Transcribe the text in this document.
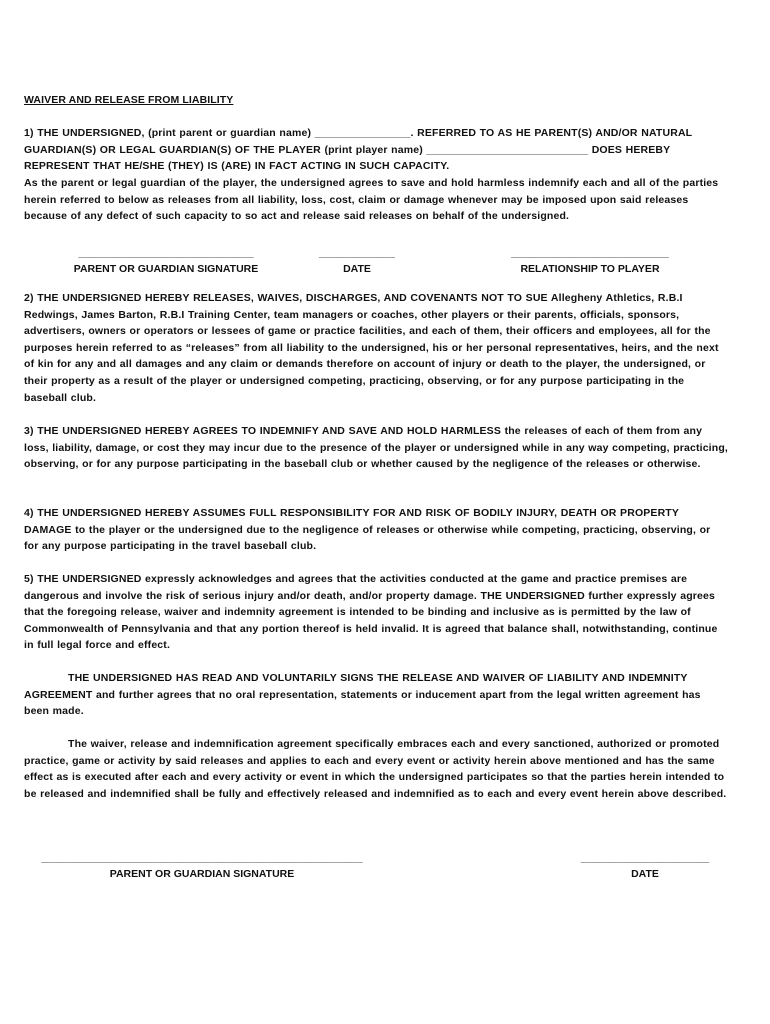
WAIVER AND RELEASE FROM LIABILITY
1) THE UNDERSIGNED, (print parent or guardian name) ________________. REFERRED TO AS HE PARENT(S) AND/OR NATURAL GUARDIAN(S) OR LEGAL GUARDIAN(S) OF THE PLAYER (print player name) ___________________________ DOES HEREBY REPRESENT THAT HE/SHE (THEY) IS (ARE) IN FACT ACTING IN SUCH CAPACITY.
As the parent or legal guardian of the player, the undersigned agrees to save and hold harmless indemnify each and all of the parties herein referred to below as releases from all liability, loss, cost, claim or damage whenever may be imposed upon said releases because of any defect of such capacity to so act and release said releases on behalf of the undersigned.
______________________________
PARENT OR GUARDIAN SIGNATURE
_____________
DATE
___________________________
RELATIONSHIP TO PLAYER
2) THE UNDERSIGNED HEREBY RELEASES, WAIVES, DISCHARGES, AND COVENANTS NOT TO SUE Allegheny Athletics, R.B.I Redwings, James Barton, R.B.I Training Center, team managers or coaches, other players or their parents, officials, sponsors, advertisers, owners or operators or lessees of game or practice facilities, and each of them, their officers and employees, all for the purposes herein referred to as “releases” from all liability to the undersigned, his or her personal representatives, heirs, and the next of kin for any and all damages and any claim or demands therefore on account of injury or death to the player, the undersigned, or their property as a result of the player or undersigned competing, practicing, observing, or for any purpose participating in the baseball club.
3) THE UNDERSIGNED HEREBY AGREES TO INDEMNIFY AND SAVE AND HOLD HARMLESS the releases of each of them from any loss, liability, damage, or cost they may incur due to the presence of the player or undersigned while in any way competing, practicing, observing, or for any purpose participating in the baseball club or whether caused by the negligence of the releases or otherwise.
4) THE UNDERSIGNED HEREBY ASSUMES FULL RESPONSIBILITY FOR AND RISK OF BODILY INJURY, DEATH OR PROPERTY DAMAGE to the player or the undersigned due to the negligence of releases or otherwise while competing, practicing, observing, or for any purpose participating in the travel baseball club.
5) THE UNDERSIGNED expressly acknowledges and agrees that the activities conducted at the game and practice premises are dangerous and involve the risk of serious injury and/or death, and/or property damage. THE UNDERSIGNED further expressly agrees that the foregoing release, waiver and indemnity agreement is intended to be binding and inclusive as is permitted by the law of Commonwealth of Pennsylvania and that any portion thereof is held invalid. It is agreed that balance shall, notwithstanding, continue in full legal force and effect.
THE UNDERSIGNED HAS READ AND VOLUNTARILY SIGNS THE RELEASE AND WAIVER OF LIABILITY AND INDEMNITY AGREEMENT and further agrees that no oral representation, statements or inducement apart from the legal written agreement has been made.
The waiver, release and indemnification agreement specifically embraces each and every sanctioned, authorized or promoted practice, game or activity by said releases and applies to each and every event or activity herein above mentioned and has the same effect as is executed after each and every activity or event in which the undersigned participates so that the parties herein intended to be released and indemnified shall be fully and effectively released and indemnified as to each and every event herein above described.
_______________________________________________________
PARENT OR GUARDIAN SIGNATURE
______________________
DATE
